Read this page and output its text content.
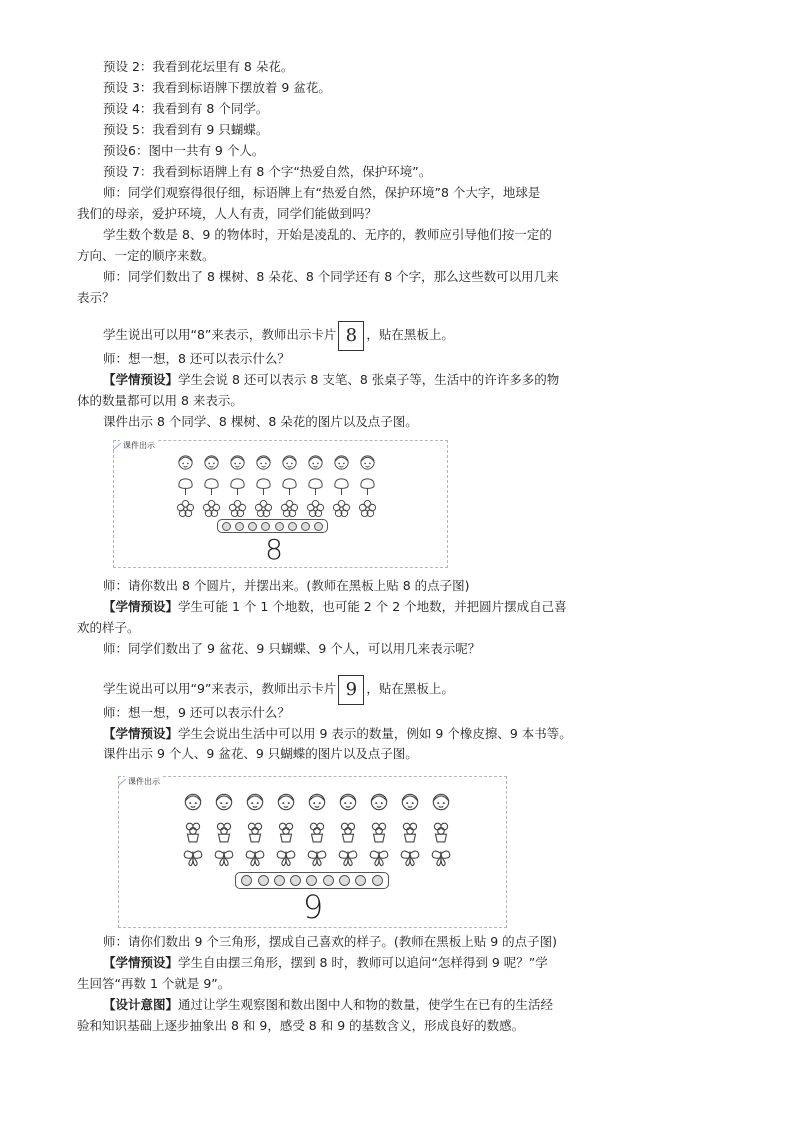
预设 2：我看到花坛里有 8 朵花。
预设 3：我看到标语牌下摆放着 9 盆花。
预设 4：我看到有 8 个同学。
预设 5：我看到有 9 只蝴蝶。
预设6：图中一共有 9 个人。
预设 7：我看到标语牌上有 8 个字“热爱自然，保护环境”。
师：同学们观察得很仔细，标语牌上有“热爱自然，保护环境”8 个大字，地球是
我们的母亲，爱护环境，人人有责，同学们能做到吗？
学生数个数是 8、9 的物体时，开始是凌乱的、无序的，教师应引导他们按一定的
方向、一定的顺序来数。
师：同学们数出了 8 棵树、8 朵花、8 个同学还有 8 个字，那么这些数可以用几来
表示？
学生说出可以用“8”来表示，教师出示卡片 8 ，贴在黑板上。
师：想一想，8 还可以表示什么？
【学情预设】学生会说 8 还可以表示 8 支笔、8 张桌子等，生活中的许许多多的物
体的数量都可以用 8 来表示。
课件出示 8 个同学、8 棵树、8 朵花的图片以及点子图。
课件出示
8
师：请你数出 8 个圆片，并摆出来。(教师在黑板上贴 8 的点子图)
【学情预设】学生可能 1 个 1 个地数，也可能 2 个 2 个地数，并把圆片摆成自己喜
欢的样子。
师：同学们数出了 9 盆花、9 只蝴蝶、9 个人，可以用几来表示呢？
学生说出可以用“9”来表示，教师出示卡片 9 ，贴在黑板上。
师：想一想，9 还可以表示什么？
【学情预设】学生会说出生活中可以用 9 表示的数量，例如 9 个橡皮擦、9 本书等。
课件出示 9 个人、9 盆花、9 只蝴蝶的图片以及点子图。
课件出示
9
师：请你们数出 9 个三角形，摆成自己喜欢的样子。(教师在黑板上贴 9 的点子图)
【学情预设】学生自由摆三角形，摆到 8 时，教师可以追问“怎样得到 9 呢？”学
生回答“再数 1 个就是 9”。
【设计意图】通过让学生观察图和数出图中人和物的数量，使学生在已有的生活经
验和知识基础上逐步抽象出 8 和 9，感受 8 和 9 的基数含义，形成良好的数感。
